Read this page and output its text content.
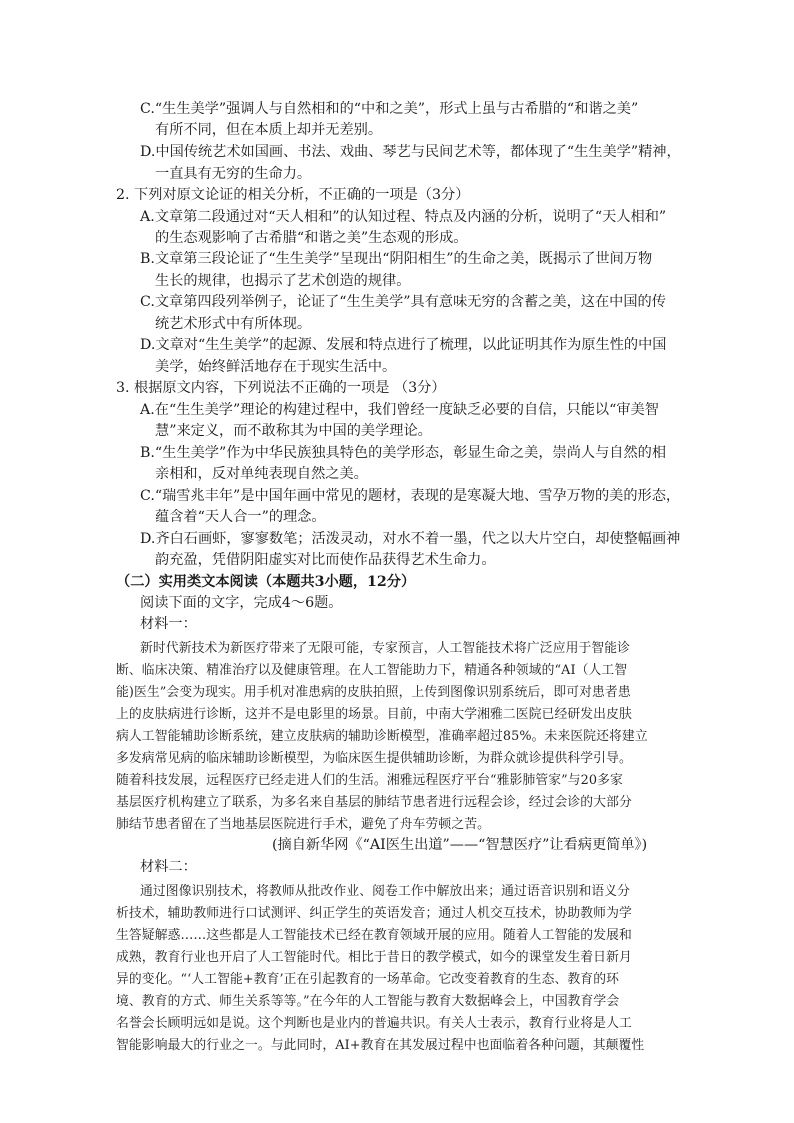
C.“生生美学”强调人与自然相和的“中和之美”，形式上虽与古希腊的“和谐之美”
有所不同，但在本质上却并无差别。
D.中国传统艺术如国画、书法、戏曲、琴艺与民间艺术等，都体现了“生生美学”精神，
一直具有无穷的生命力。
2. 下列对原文论证的相关分析，不正确的一项是（3分）
A.文章第二段通过对“天人相和”的认知过程、特点及内涵的分析，说明了“天人相和”
的生态观影响了古希腊“和谐之美”生态观的形成。
B.文章第三段论证了“生生美学”呈现出“阴阳相生”的生命之美，既揭示了世间万物
生长的规律，也揭示了艺术创造的规律。
C.文章第四段列举例子，论证了“生生美学”具有意味无穷的含蓄之美，这在中国的传
统艺术形式中有所体现。
D.文章对“生生美学”的起源、发展和特点进行了梳理，以此证明其作为原生性的中国
美学，始终鲜活地存在于现实生活中。
3. 根据原文内容，下列说法不正确的一项是 （3分）
A.在“生生美学”理论的构建过程中，我们曾经一度缺乏必要的自信，只能以“审美智
慧”来定义，而不敢称其为中国的美学理论。
B.“生生美学”作为中华民族独具特色的美学形态，彰显生命之美，崇尚人与自然的相
亲相和，反对单纯表现自然之美。
C.“瑞雪兆丰年”是中国年画中常见的题材，表现的是寒凝大地、雪孕万物的美的形态，
蕴含着“天人合一”的理念。
D.齐白石画虾，寥寥数笔；活泼灵动，对水不着一墨，代之以大片空白，却使整幅画神
韵充盈，凭借阴阳虚实对比而使作品获得艺术生命力。
（二）实用类文本阅读（本题共3小题，12分）
阅读下面的文字，完成4～6题。
材料一：
新时代新技术为新医疗带来了无限可能，专家预言，人工智能技术将广泛应用于智能诊
断、临床决策、精准治疗以及健康管理。在人工智能助力下，精通各种领域的“AI（人工智
能)医生”会变为现实。用手机对准患病的皮肤拍照，上传到图像识别系统后，即可对患者患
上的皮肤病进行诊断，这并不是电影里的场景。目前，中南大学湘雅二医院已经研发出皮肤
病人工智能辅助诊断系统，建立皮肤病的辅助诊断模型，准确率超过85%。未来医院还将建立
多发病常见病的临床辅助诊断模型，为临床医生提供辅助诊断，为群众就诊提供科学引导。
随着科技发展，远程医疗已经走进人们的生活。湘雅远程医疗平台“雅影肺管家”与20多家
基层医疗机构建立了联系，为多名来自基层的肺结节患者进行远程会诊，经过会诊的大部分
肺结节患者留在了当地基层医院进行手术，避免了舟车劳顿之苦。
(摘自新华网《“AI医生出道”——“智慧医疗”让看病更简单》)
材料二：
通过图像识别技术，将教师从批改作业、阅卷工作中解放出来；通过语音识别和语义分
析技术，辅助教师进行口试测评、纠正学生的英语发音；通过人机交互技术，协助教师为学
生答疑解惑……这些都是人工智能技术已经在教育领域开展的应用。随着人工智能的发展和
成熟，教育行业也开启了人工智能时代。相比于昔日的教学模式，如今的课堂发生着日新月
异的变化。“‘人工智能+教育’正在引起教育的一场革命。它改变着教育的生态、教育的环
境、教育的方式、师生关系等等。”在今年的人工智能与教育大数据峰会上，中国教育学会
名誉会长顾明远如是说。这个判断也是业内的普遍共识。有关人士表示，教育行业将是人工
智能影响最大的行业之一。与此同时，AI+教育在其发展过程中也面临着各种问题，其颠覆性
